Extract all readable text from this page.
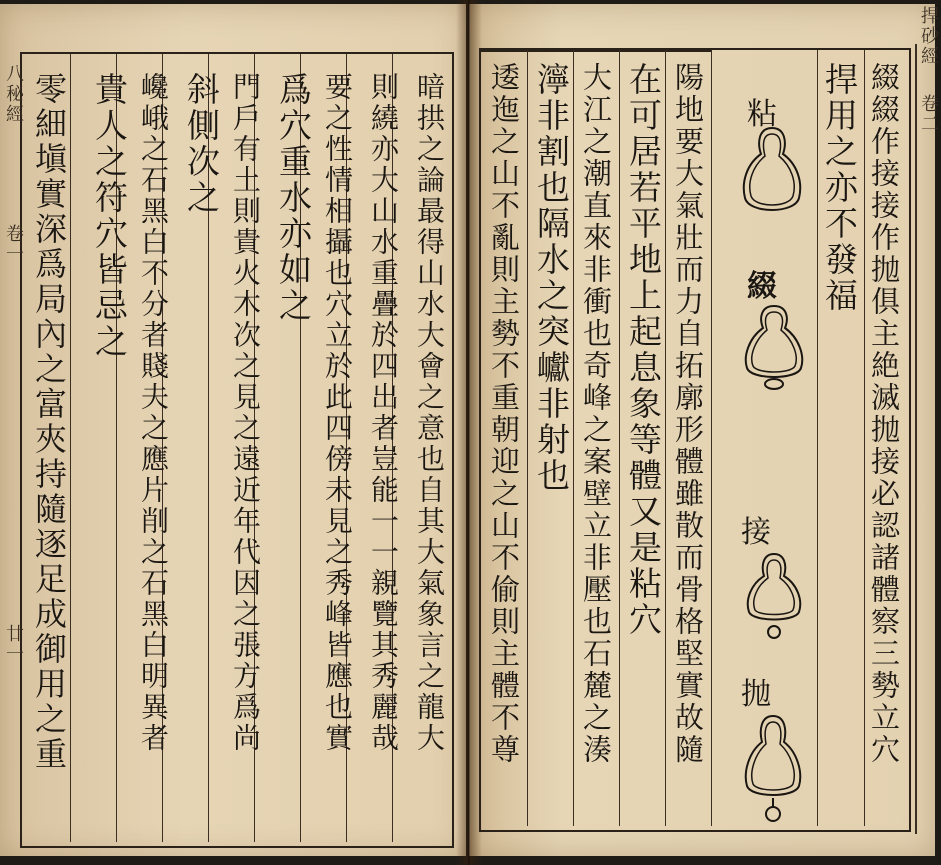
八秘經
卷一
廿一	暗拱之論最得山水大會之意也自其大氣象言之龍大
則繞亦大山水重疊於四出者豈能一一親覽其秀麗哉
要之性情相攝也穴立於此四傍未見之秀峰皆應也實
爲穴重水亦如之
門戶有土則貴火木次之見之遠近年代因之張方爲尚
斜側次之
巉峨之石黑白不分者賤夫之應片削之石黑白明異者
貴人之符穴皆忌之
零細塡實深爲局內之富夾持隨逐足成御用之重
捍砂經
卷二
綴綴作接接作抛俱主絶滅抛接必認諸體察三勢立穴
捍用之亦不發福
粘
綴
接
抛
陽地要大氣壯而力自拓廓形體雖散而骨格堅實故隨
在可居若平地上起息象等體又是粘穴
大江之潮直來非衝也奇峰之案壁立非壓也石麓之湊
濘非割也隔水之突巘非射也
逶迤之山不亂則主勢不重朝迎之山不偷則主體不尊
